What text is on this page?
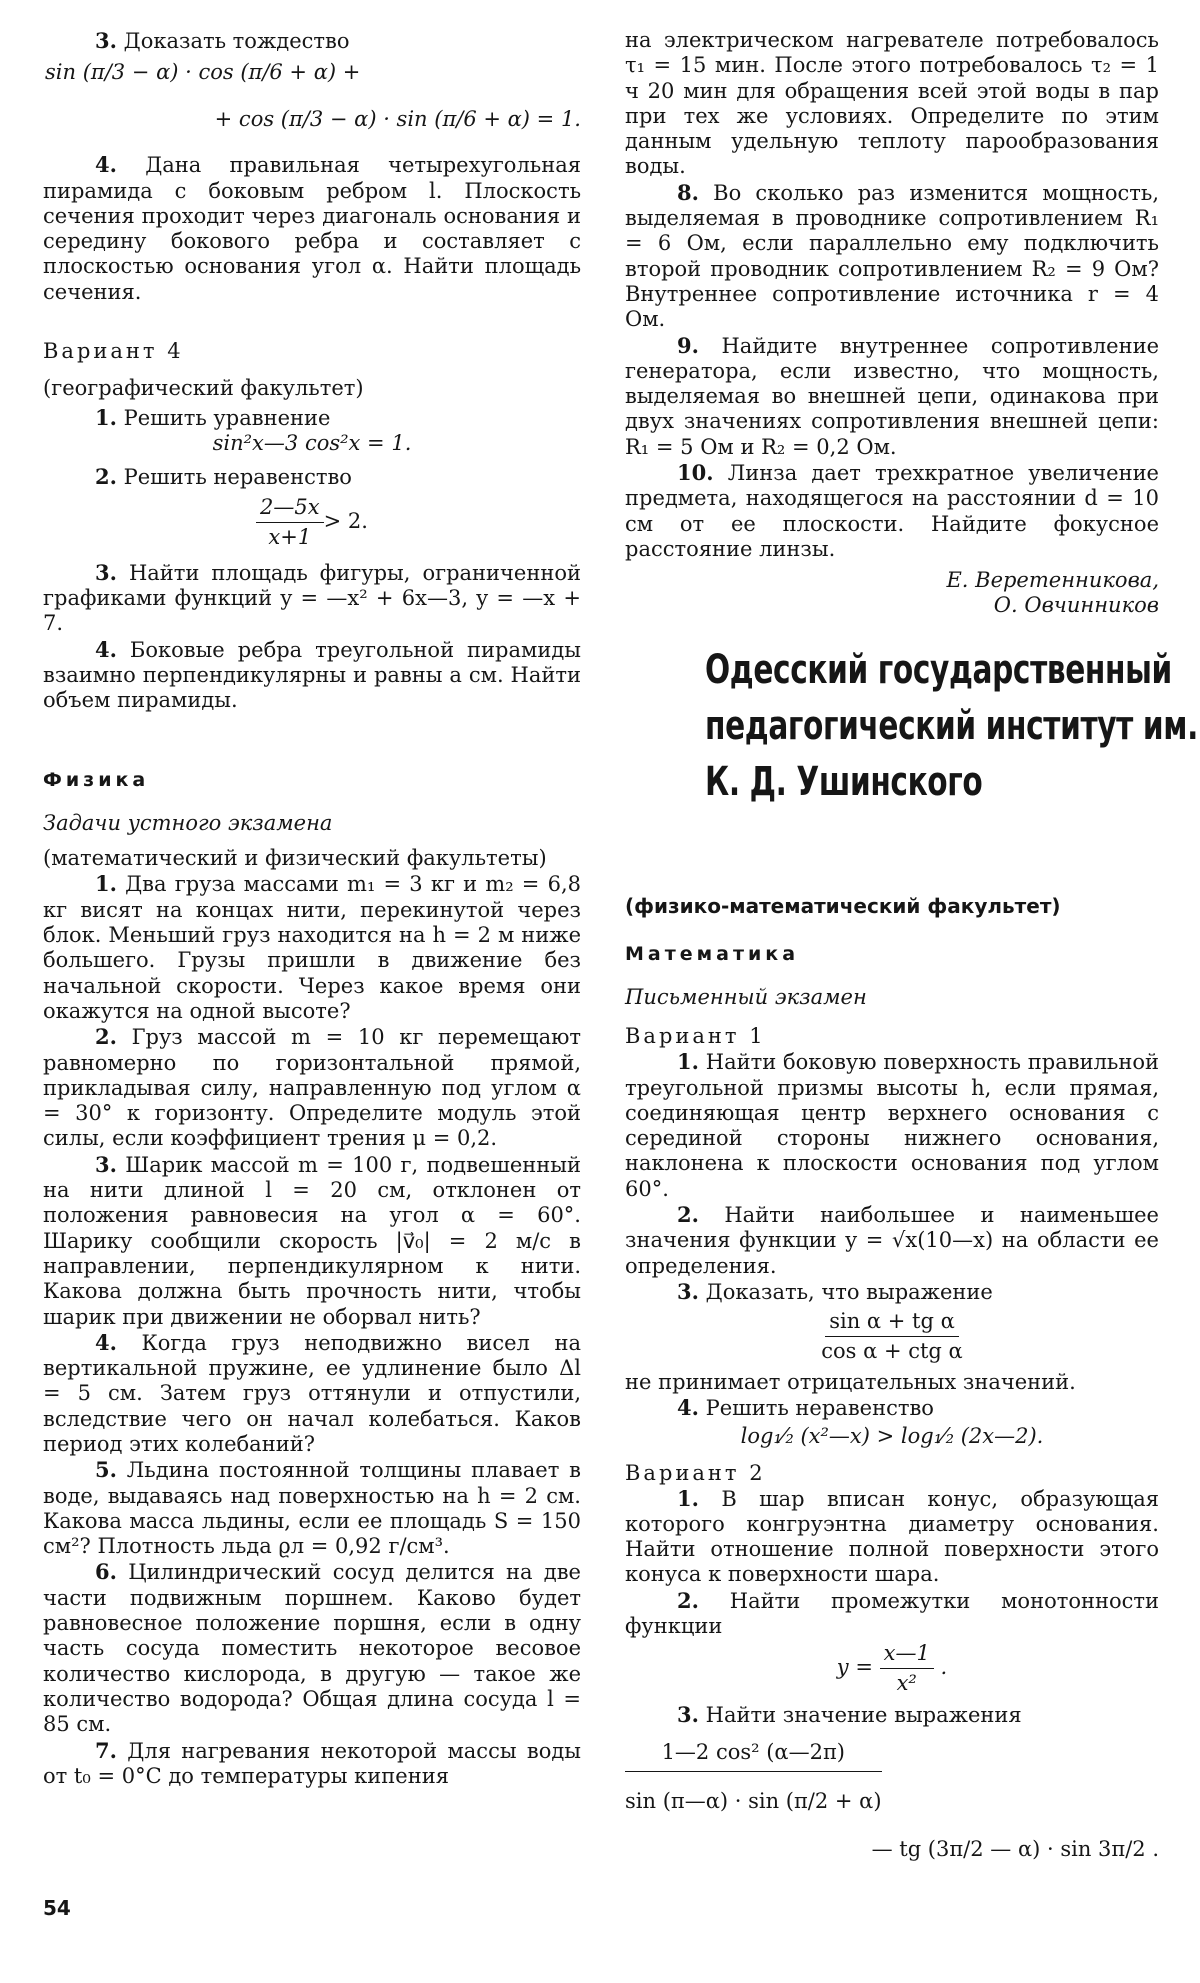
3. Доказать тождество

sin (π/3 − α) · cos (π/6 + α) +

+ cos (π/3 − α) · sin (π/6 + α) = 1.

4. Дана правильная четырехугольная пирамида с боковым ребром l. Плоскость сечения проходит через диагональ основания и середину бокового ребра и составляет с плоскостью основания угол α. Найти площадь сечения.

Вариант 4

(географический факультет)

1. Решить уравнение

sin²x—3 cos²x = 1.

2. Решить неравенство

$\frac{2—5x}{x+1} > 2$.

3. Найти площадь фигуры, ограниченной графиками функций y = —x² + 6x—3, y = —x + 7.

4. Боковые ребра треугольной пирамиды взаимно перпендикулярны и равны a см. Найти объем пирамиды.

Физика

Задачи устного экзамена

(математический и физический факультеты)

1. Два груза массами m₁ = 3 кг и m₂ = 6,8 кг висят на концах нити, перекинутой через блок. Меньший груз находится на h = 2 м ниже большего. Грузы пришли в движение без начальной скорости. Через какое время они окажутся на одной высоте?

2. Груз массой m = 10 кг перемещают равномерно по горизонтальной прямой, прикладывая силу, направленную под углом α = 30° к горизонту. Определите модуль этой силы, если коэффициент трения μ = 0,2.

3. Шарик массой m = 100 г, подвешенный на нити длиной l = 20 см, отклонен от положения равновесия на угол α = 60°. Шарику сообщили скорость |v⃗₀| = 2 м/с в направлении, перпендикулярном к нити. Какова должна быть прочность нити, чтобы шарик при движении не оборвал нить?

4. Когда груз неподвижно висел на вертикальной пружине, ее удлинение было Δl = 5 см. Затем груз оттянули и отпустили, вследствие чего он начал колебаться. Каков период этих колебаний?

5. Льдина постоянной толщины плавает в воде, выдаваясь над поверхностью на h = 2 см. Какова масса льдины, если ее площадь S = 150 см²? Плотность льда ϱл = 0,92 г/см³.

6. Цилиндрический сосуд делится на две части подвижным поршнем. Каково будет равновесное положение поршня, если в одну часть сосуда поместить некоторое весовое количество кислорода, в другую — такое же количество водорода? Общая длина сосуда l = 85 см.

7. Для нагревания некоторой массы воды от t₀ = 0°С до температуры кипения

на электрическом нагревателе потребовалось τ₁ = 15 мин. После этого потребовалось τ₂ = 1 ч 20 мин для обращения всей этой воды в пар при тех же условиях. Определите по этим данным удельную теплоту парообразования воды.

8. Во сколько раз изменится мощность, выделяемая в проводнике сопротивлением R₁ = 6 Ом, если параллельно ему подключить второй проводник сопротивлением R₂ = 9 Ом? Внутреннее сопротивление источника r = 4 Ом.

9. Найдите внутреннее сопротивление генератора, если известно, что мощность, выделяемая во внешней цепи, одинакова при двух значениях сопротивления внешней цепи: R₁ = 5 Ом и R₂ = 0,2 Ом.

10. Линза дает трехкратное увеличение предмета, находящегося на расстоянии d = 10 см от ее плоскости. Найдите фокусное расстояние линзы.

Е. Веретенникова,

О. Овчинников

Одесский государственный педагогический институт им. К. Д. Ушинского

(физико-математический факультет)

Математика

Письменный экзамен

Вариант 1

1. Найти боковую поверхность правильной треугольной призмы высоты h, если прямая, соединяющая центр верхнего основания с серединой стороны нижнего основания, наклонена к плоскости основания под углом 60°.

2. Найти наибольшее и наименьшее значения функции y = √x(10—x) на области ее определения.

3. Доказать, что выражение

$\frac{\text{sin α + tg α}}{\text{cos α + ctg α}}$

не принимает отрицательных значений.

4. Решить неравенство

log₁⁄₂ (x²—x) > log₁⁄₂ (2x—2).

Вариант 2

1. В шар вписан конус, образующая которого конгруэнтна диаметру основания. Найти отношение полной поверхности этого конуса к поверхности шара.

2. Найти промежутки монотонности функции

$y = \frac{x—1}{\text{x²}}$ .

3. Найти значение выражения

$\frac{\text{1—2 cos² (α—2π)}}{\sin (\pi—\alpha) \cdot \sin (\pi/2 + \alpha)}$
— tg (3π/2 — α) · sin 3π/2 .
54
